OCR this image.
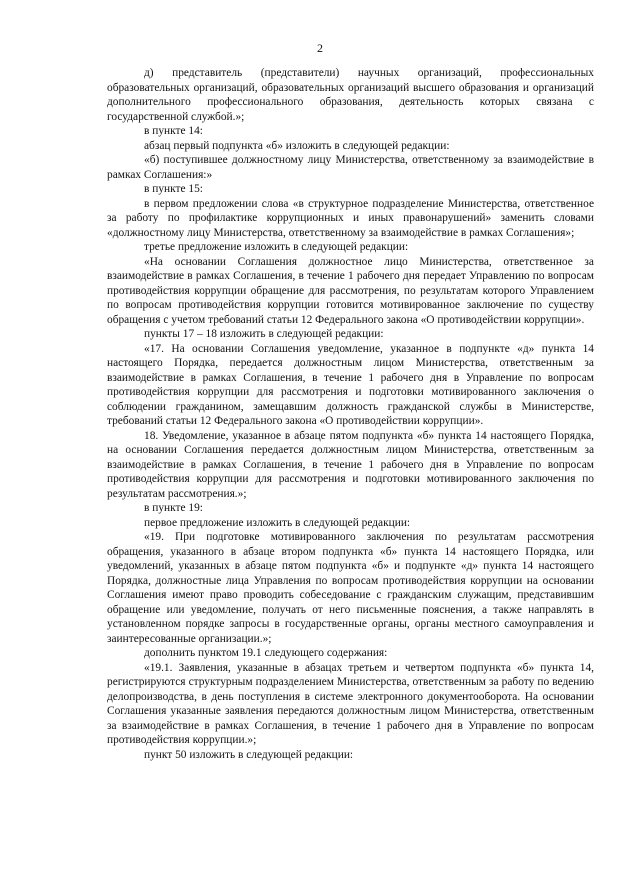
2

д) представитель (представители) научных организаций, профессиональных образовательных организаций, образовательных организаций высшего образования и организаций дополнительного профессионального образования, деятельность которых связана с государственной службой.»;

в пункте 14:

абзац первый подпункта «б» изложить в следующей редакции:

«б) поступившее должностному лицу Министерства, ответственному за взаимодействие в рамках Соглашения:»

в пункте 15:

в первом предложении слова «в структурное подразделение Министерства, ответственное за работу по профилактике коррупционных и иных правонарушений» заменить словами «должностному лицу Министерства, ответственному за взаимодействие в рамках Соглашения»;

третье предложение изложить в следующей редакции:

«На основании Соглашения должностное лицо Министерства, ответственное за взаимодействие в рамках Соглашения, в течение 1 рабочего дня передает Управлению по вопросам противодействия коррупции обращение для рассмотрения, по результатам которого Управлением по вопросам противодействия коррупции готовится мотивированное заключение по существу обращения с учетом требований статьи 12 Федерального закона «О противодействии коррупции».

пункты 17 – 18 изложить в следующей редакции:

«17. На основании Соглашения уведомление, указанное в подпункте «д» пункта 14 настоящего Порядка, передается должностным лицом Министерства, ответственным за взаимодействие в рамках Соглашения, в течение 1 рабочего дня в Управление по вопросам противодействия коррупции для рассмотрения и подготовки мотивированного заключения о соблюдении гражданином, замещавшим должность гражданской службы в Министерстве, требований статьи 12 Федерального закона «О противодействии коррупции».

18. Уведомление, указанное в абзаце пятом подпункта «б» пункта 14 настоящего Порядка, на основании Соглашения передается должностным лицом Министерства, ответственным за взаимодействие в рамках Соглашения, в течение 1 рабочего дня в Управление по вопросам противодействия коррупции для рассмотрения и подготовки мотивированного заключения по результатам рассмотрения.»;

в пункте 19:

первое предложение изложить в следующей редакции:

«19. При подготовке мотивированного заключения по результатам рассмотрения обращения, указанного в абзаце втором подпункта «б» пункта 14 настоящего Порядка, или уведомлений, указанных в абзаце пятом подпункта «б» и подпункте «д» пункта 14 настоящего Порядка, должностные лица Управления по вопросам противодействия коррупции на основании Соглашения имеют право проводить собеседование с гражданским служащим, представившим обращение или уведомление, получать от него письменные пояснения, а также направлять в установленном порядке запросы в государственные органы, органы местного самоуправления и заинтересованные организации.»;

дополнить пунктом 19.1 следующего содержания:

«19.1. Заявления, указанные в абзацах третьем и четвертом подпункта «б» пункта 14, регистрируются структурным подразделением Министерства, ответственным за работу по ведению делопроизводства, в день поступления в системе электронного документооборота. На основании Соглашения указанные заявления передаются должностным лицом Министерства, ответственным за взаимодействие в рамках Соглашения, в течение 1 рабочего дня в Управление по вопросам противодействия коррупции.»;

пункт 50 изложить в следующей редакции:
